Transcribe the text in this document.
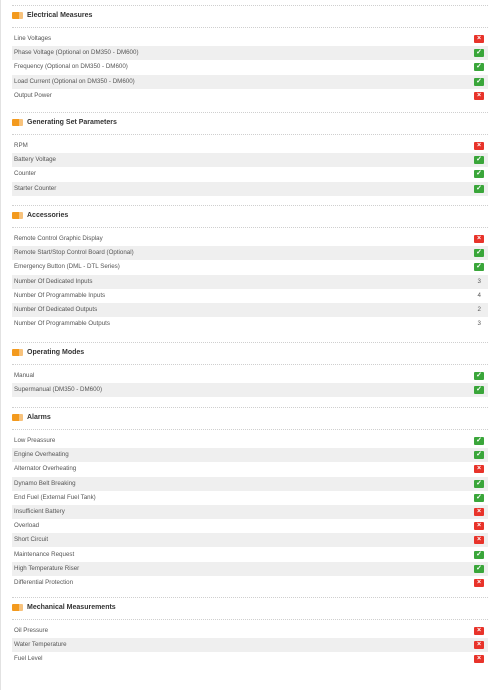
Electrical Measures
Line Voltages	×
Phase Voltage (Optional on DM350 - DM600)	✓
Frequency (Optional on DM350 - DM600)	✓
Load Current (Optional on DM350 - DM600)	✓
Output Power	×
Generating Set Parameters
RPM	×
Battery Voltage	✓
Counter	✓
Starter Counter	✓
Accessories
Remote Control Graphic Display	×
Remote Start/Stop Control Board (Optional)	✓
Emergency Button (DML - DTL Series)	✓
Number Of Dedicated Inputs	3
Number Of Programmable Inputs	4
Number Of Dedicated Outputs	2
Number Of Programmable Outputs	3
Operating Modes
Manual	✓
Supermanual (DM350 - DM600)	✓
Alarms
Low Preassure	✓
Engine Overheating	✓
Alternator Overheating	×
Dynamo Belt Breaking	✓
End Fuel (External Fuel Tank)	✓
Insufficient Battery	×
Overload	×
Short Circuit	×
Maintenance Request	✓
High Temperature Riser	✓
Differential Protection	×
Mechanical Measurements
Oil Pressure	×
Water Temperature	×
Fuel Level	×
